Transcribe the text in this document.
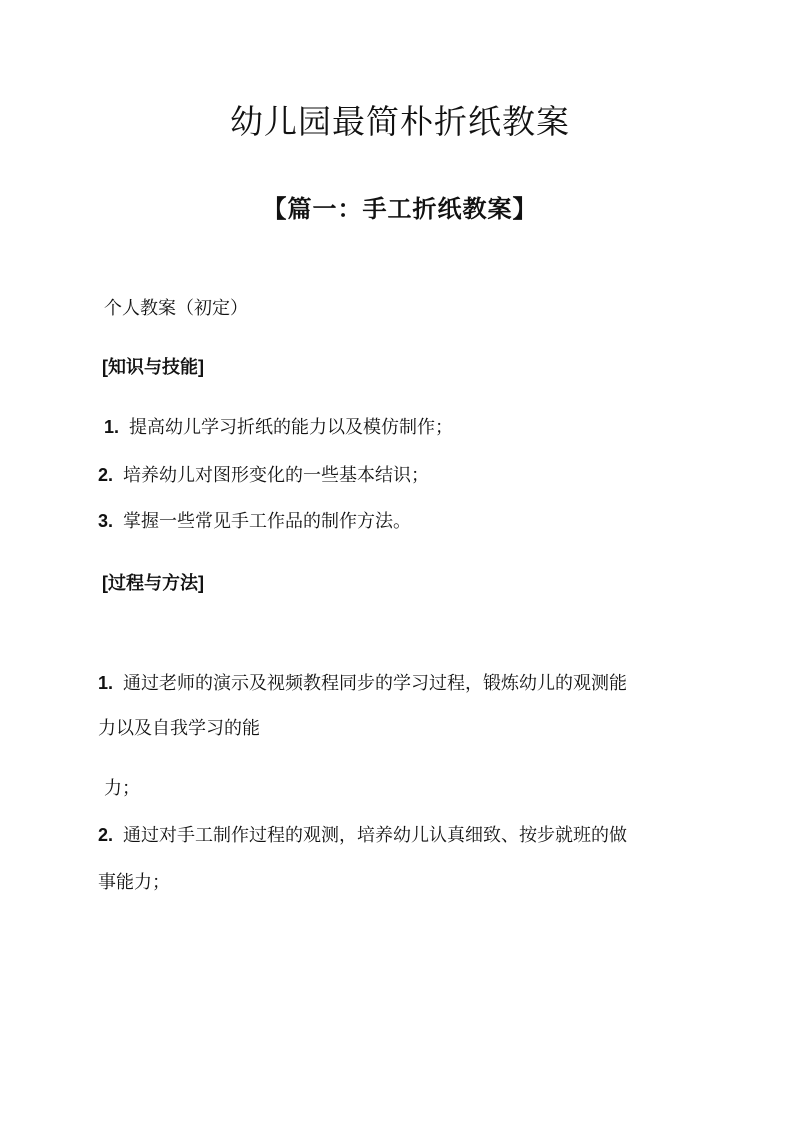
幼儿园最简朴折纸教案
【篇一：手工折纸教案】

个人教案（初定）

[知识与技能]

1. 提高幼儿学习折纸的能力以及模仿制作；

2. 培养幼儿对图形变化的一些基本结识；

3. 掌握一些常见手工作品的制作方法。

[过程与方法]

1. 通过老师的演示及视频教程同步的学习过程，锻炼幼儿的观测能

力以及自我学习的能

力；

2. 通过对手工制作过程的观测，培养幼儿认真细致、按步就班的做

事能力；
